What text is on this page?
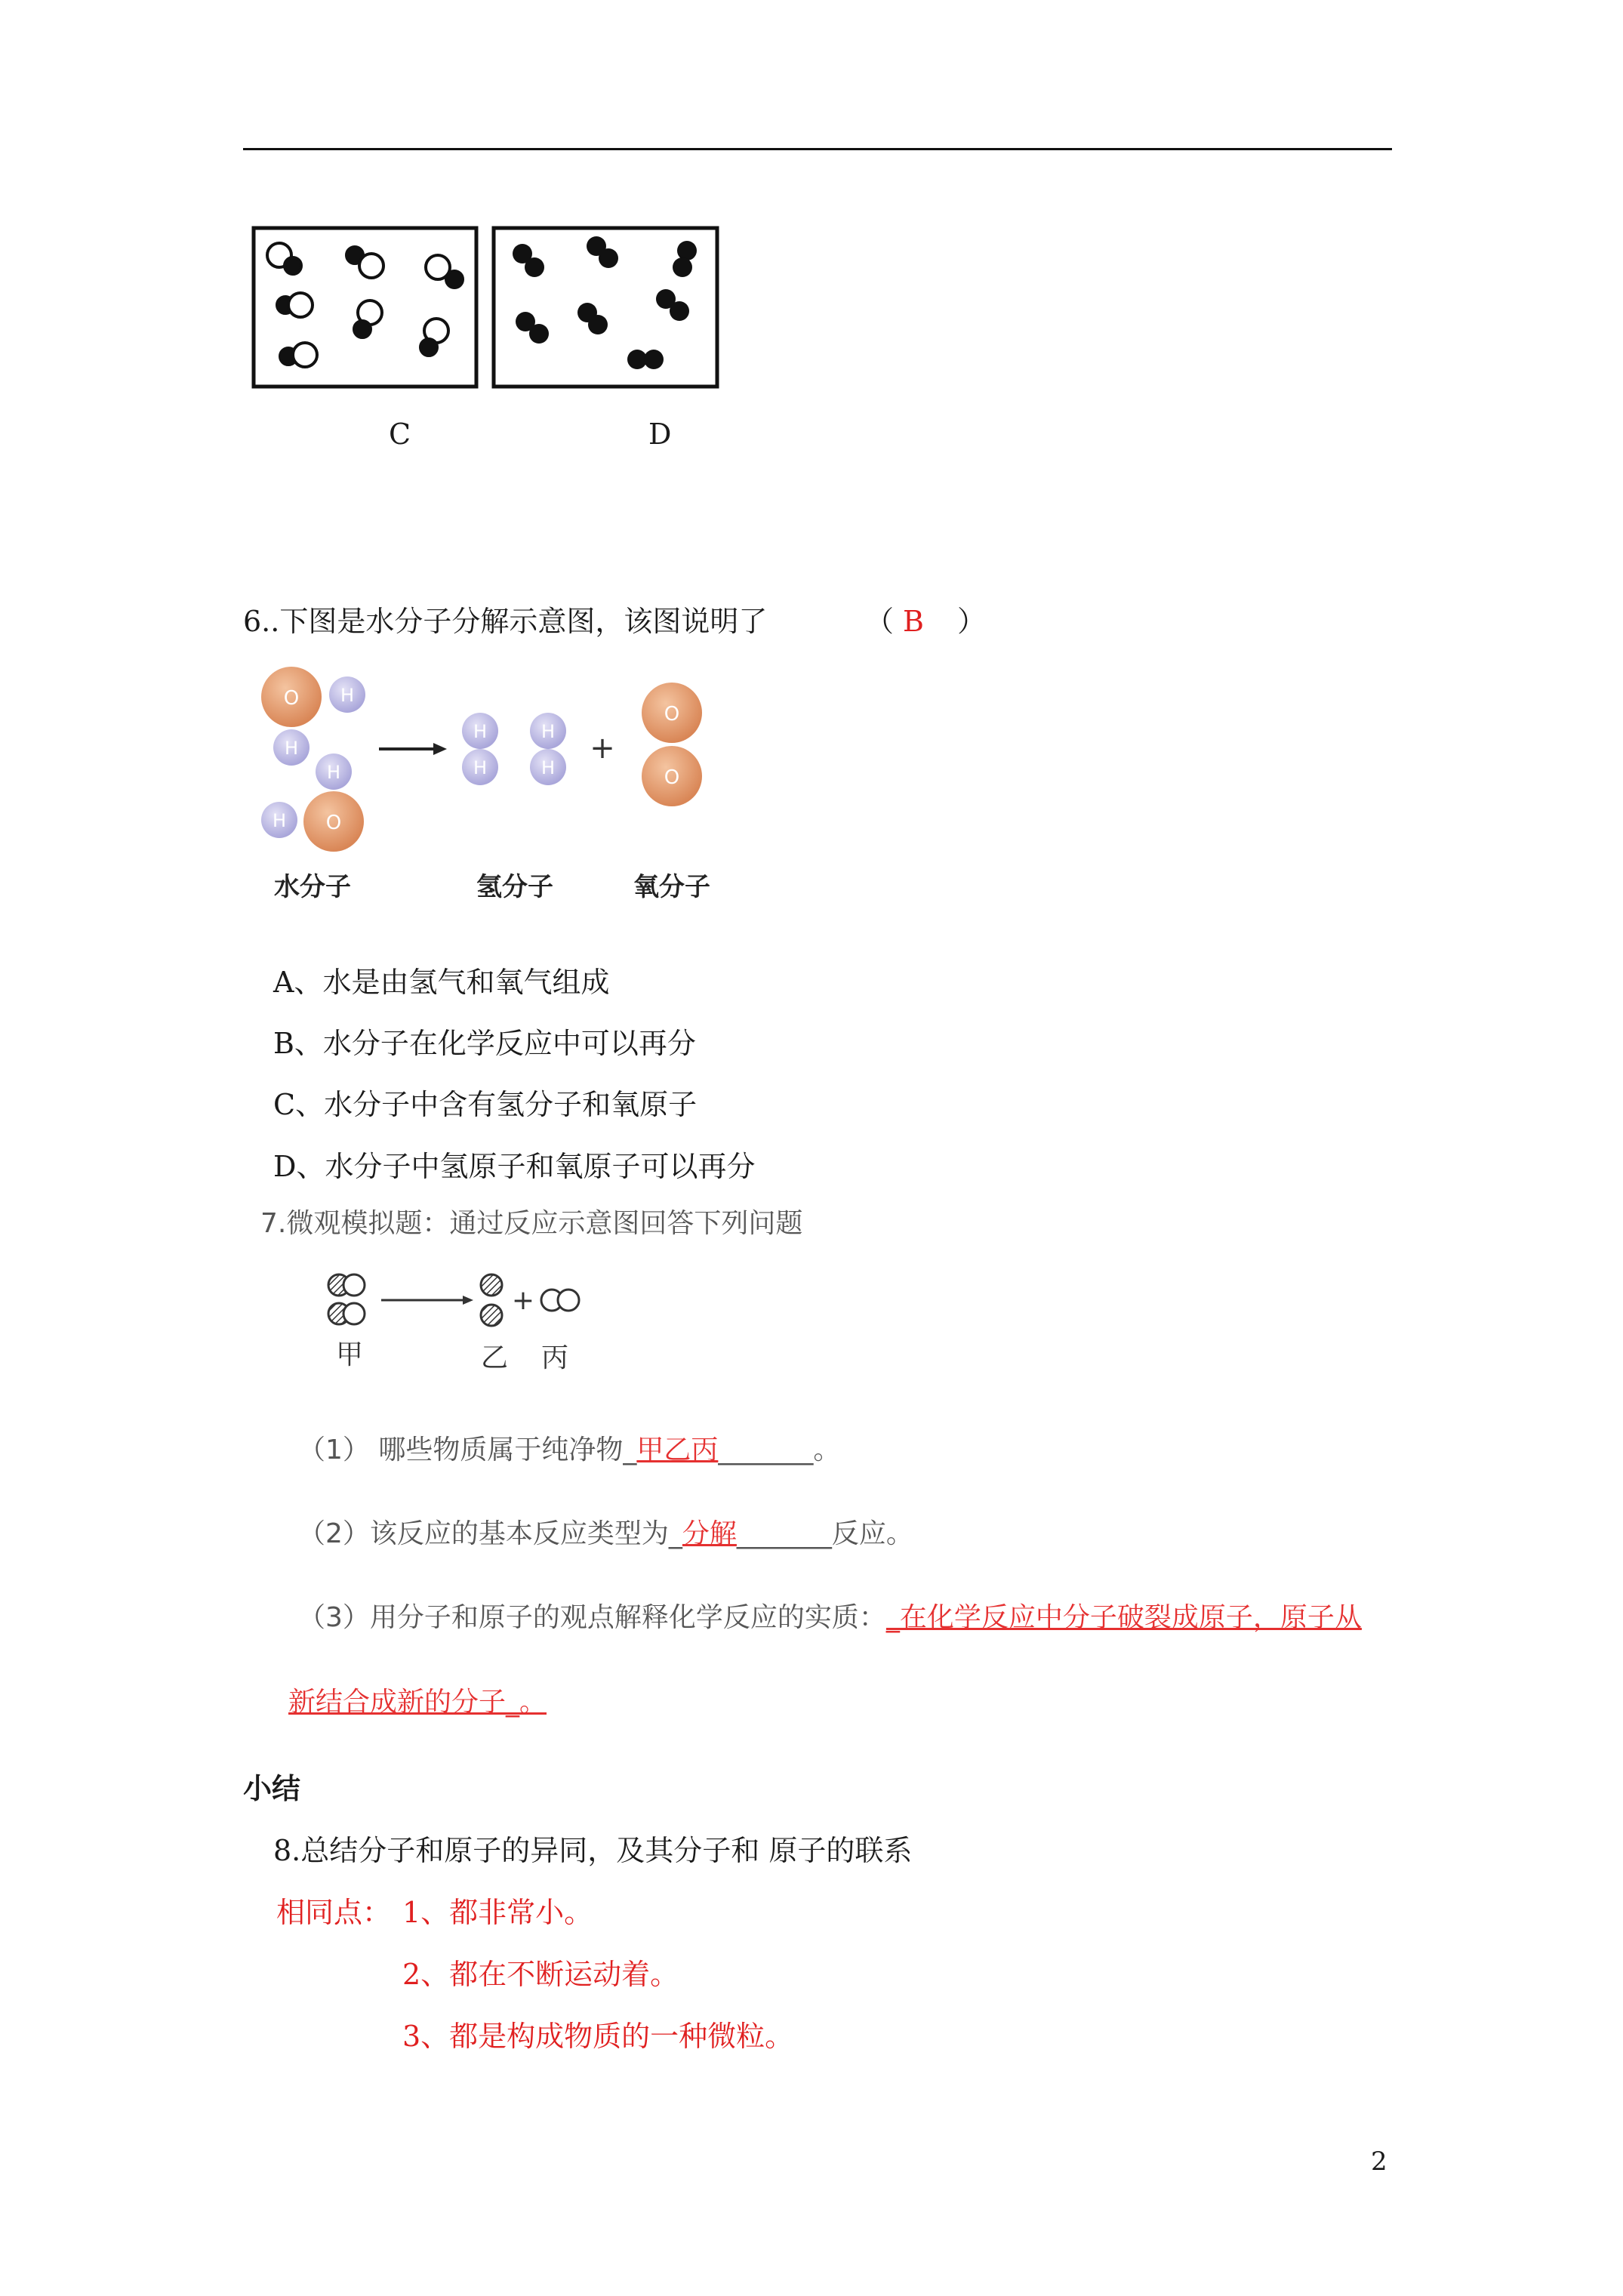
C	D
6..下图是水分子分解示意图，该图说明了	（ B ）
O H
H
H
H O
H
H
H
H
+
O
O
水分子	氢分子	氧分子
A、水是由氢气和氧气组成
B、水分子在化学反应中可以再分
C、水分子中含有氢分子和氧原子
D、水分子中氢原子和氧原子可以再分
7.微观模拟题：通过反应示意图回答下列问题
+
甲	乙 丙
（1） 哪些物质属于纯净物_甲乙丙_______。
（2）该反应的基本反应类型为_分解_______反应。
（3）用分子和原子的观点解释化学反应的实质：_在化学反应中分子破裂成原子，原子从
新结合成新的分子_。
小结
8.总结分子和原子的异同，及其分子和 原子的联系
相同点： 1、都非常小。
2、都在不断运动着。
3、都是构成物质的一种微粒。
2
